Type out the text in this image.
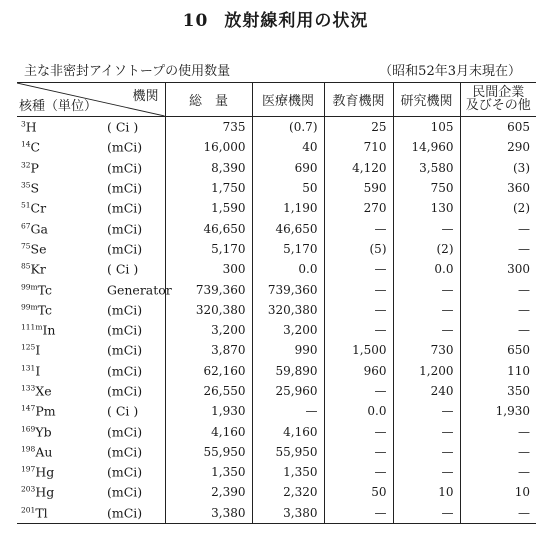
10 放射線利用の状況
主な非密封アイソトープの使用数量	（昭和52年3月末現在）
機関
核種（単位）	総　量	医療機関	教育機関	研究機関	民間企業
及びその他

$^3$H ( Ci )	735	(0.7)	25	105	605

$^{14}$C (mCi)	16,000	40	710	14,960	290

$^{32}$P (mCi)	8,390	690	4,120	3,580	(3)

$^{35}$S (mCi)	1,750	50	590	750	360

$^{51}$Cr (mCi)	1,590	1,190	270	130	(2)

$^{67}$Ga (mCi)	46,650	46,650	—	—	—

$^{75}$Se (mCi)	5,170	5,170	(5)	(2)	—

$^{85}$Kr ( Ci )	300	0.0	—	0.0	300

$^{99m}$Tc Generator	739,360	739,360	—	—	—

$^{99m}$Tc (mCi)	320,380	320,380	—	—	—

$^{111m}$In (mCi)	3,200	3,200	—	—	—

$^{125}$I (mCi)	3,870	990	1,500	730	650

$^{131}$I (mCi)	62,160	59,890	960	1,200	110

$^{133}$Xe (mCi)	26,550	25,960	—	240	350

$^{147}$Pm ( Ci )	1,930	—	0.0	—	1,930

$^{169}$Yb (mCi)	4,160	4,160	—	—	—

$^{198}$Au (mCi)	55,950	55,950	—	—	—

$^{197}$Hg (mCi)	1,350	1,350	—	—	—

$^{203}$Hg (mCi)	2,390	2,320	50	10	10

$^{201}$Tl (mCi)	3,380	3,380	—	—	—
